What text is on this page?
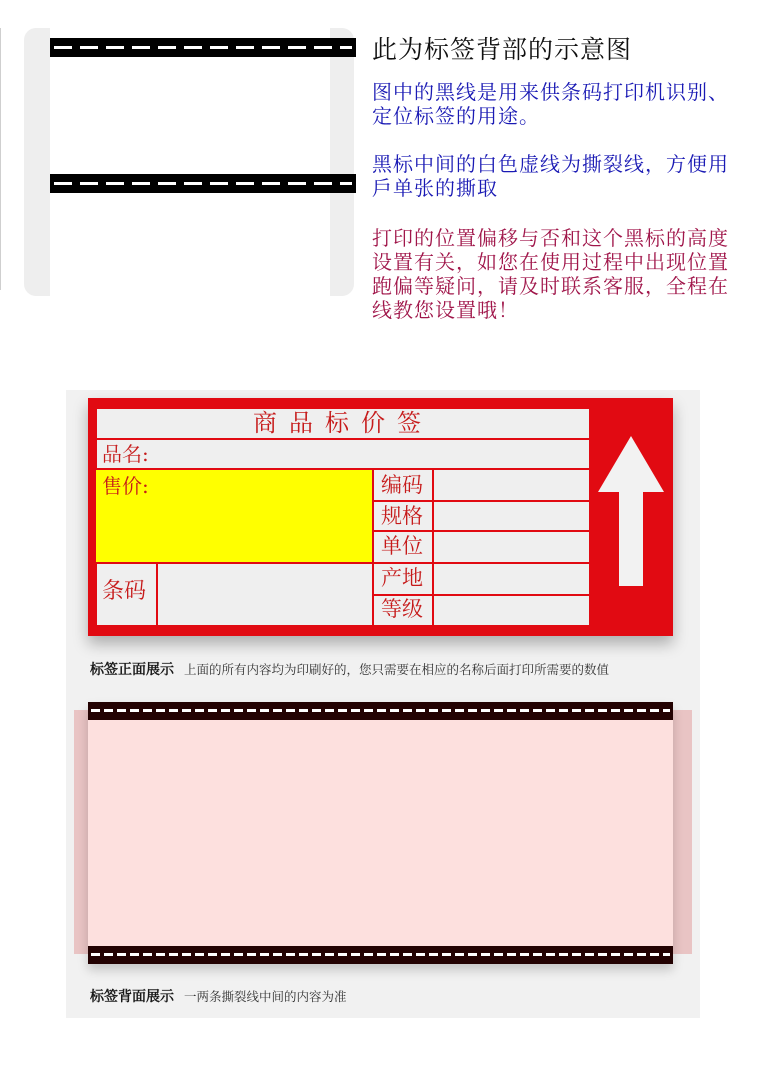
此为标签背部的示意图
图中的黑线是用来供条码打印机识别、定位标签的用途。
黑标中间的白色虚线为撕裂线，方便用戶单张的撕取
打印的位置偏移与否和这个黑标的高度设置有关，如您在使用过程中出现位置跑偏等疑问，请及时联系客服，全程在线教您设置哦！
商品标价签
品名:
售价:	编码
规格
单位
产地
等级
条码
标签正面展示 上面的所有内容均为印刷好的，您只需要在相应的名称后面打印所需要的数值
标签背面展示 一两条撕裂线中间的内容为准
